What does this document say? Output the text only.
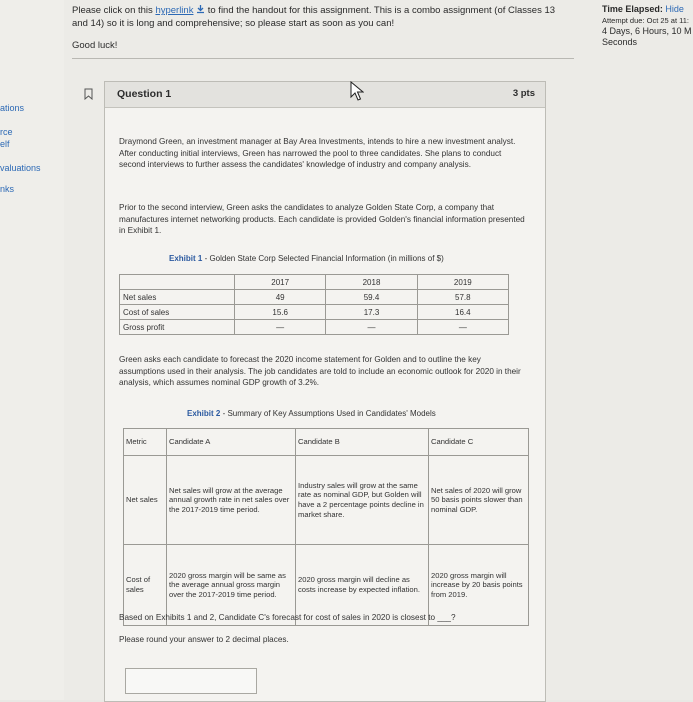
ations
rce
elf
valuations
nks
Please click on this hyperlink  to find the handout for this assignment. This is a combo assignment (of Classes 13 and 14) so it is long and comprehensive; so please start as soon as you can!
Good luck!
Time Elapsed: Hide
Attempt due: Oct 25 at 11:
4 Days, 6 Hours, 10 M
Seconds
Question 1	3 pts
Draymond Green, an investment manager at Bay Area Investments, intends to hire a new investment analyst. After conducting initial interviews, Green has narrowed the pool to three candidates. She plans to conduct second interviews to further assess the candidates' knowledge of industry and company analysis.
Prior to the second interview, Green asks the candidates to analyze Golden State Corp, a company that manufactures internet networking products. Each candidate is provided Golden's financial information presented in Exhibit 1.
Exhibit 1 - Golden State Corp Selected Financial Information (in millions of $)
	2017	2018	2019
Net sales	49	59.4	57.8
Cost of sales	15.6	17.3	16.4
Gross profit	—	—	—
Green asks each candidate to forecast the 2020 income statement for Golden and to outline the key assumptions used in their analysis. The job candidates are told to include an economic outlook for 2020 in their analysis, which assumes nominal GDP growth of 3.2%.
Exhibit 2 - Summary of Key Assumptions Used in Candidates' Models
Metric	Candidate A	Candidate B	Candidate C
Net sales	Net sales will grow at the average annual growth rate in net sales over the 2017-2019 time period.	Industry sales will grow at the same rate as nominal GDP, but Golden will have a 2 percentage points decline in market share.	Net sales of 2020 will grow 50 basis points slower than nominal GDP.
Cost of sales	2020 gross margin will be same as the average annual gross margin over the 2017-2019 time period.	2020 gross margin will decline as costs increase by expected inflation.	2020 gross margin will increase by 20 basis points from 2019.
Based on Exhibits 1 and 2, Candidate C's forecast for cost of sales in 2020 is closest to ___?
Please round your answer to 2 decimal places.
